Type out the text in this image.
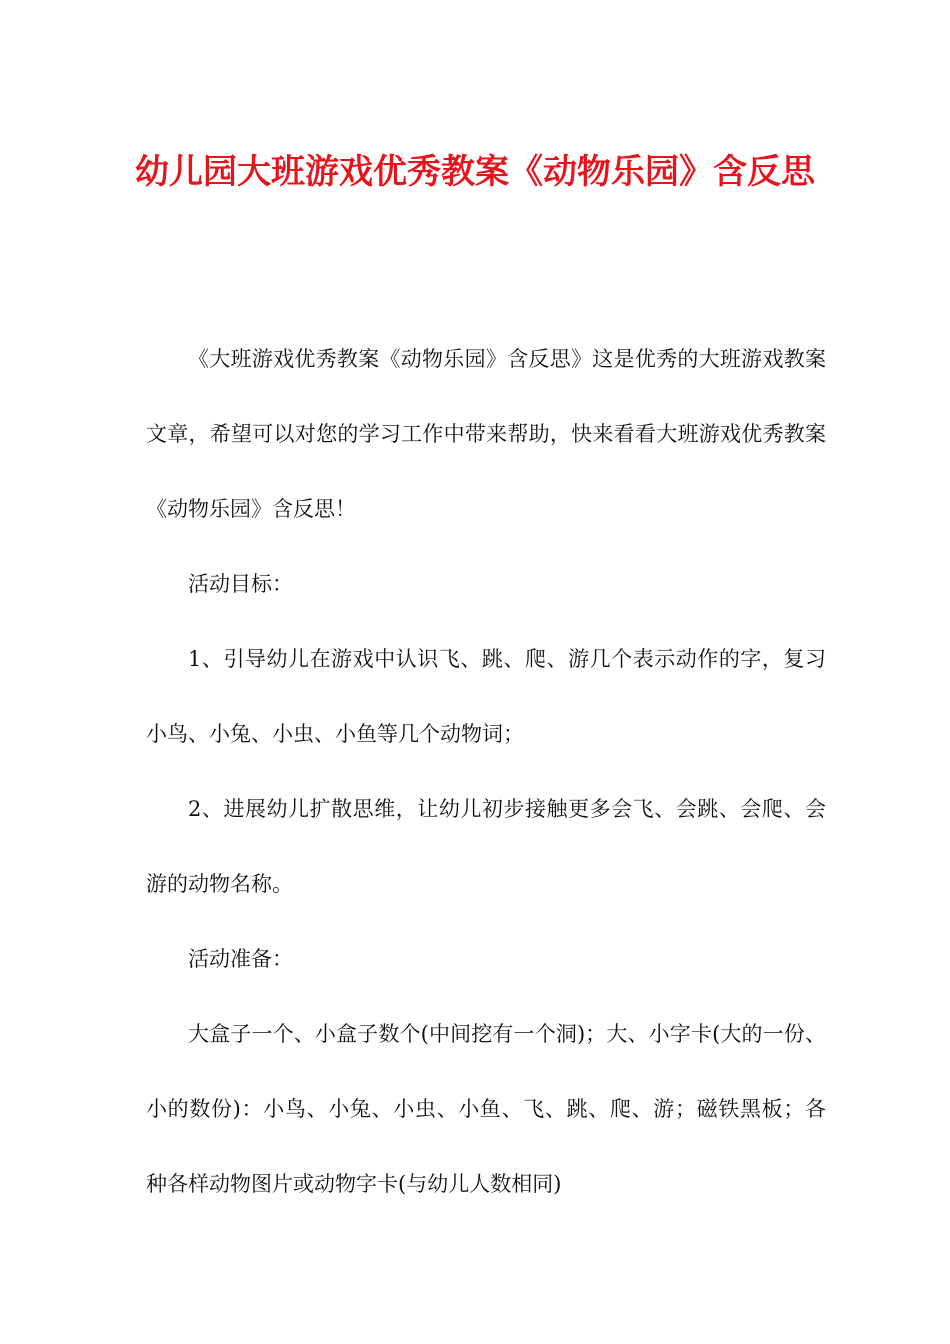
幼儿园大班游戏优秀教案《动物乐园》含反思

《大班游戏优秀教案《动物乐园》含反思》这是优秀的大班游戏教案文章，希望可以对您的学习工作中带来帮助，快来看看大班游戏优秀教案《动物乐园》含反思！

活动目标：

1、引导幼儿在游戏中认识飞、跳、爬、游几个表示动作的字，复习小鸟、小兔、小虫、小鱼等几个动物词；

2、进展幼儿扩散思维，让幼儿初步接触更多会飞、会跳、会爬、会游的动物名称。

活动准备：

大盒子一个、小盒子数个(中间挖有一个洞)；大、小字卡(大的一份、小的数份)：小鸟、小兔、小虫、小鱼、飞、跳、爬、游；磁铁黑板；各种各样动物图片或动物字卡(与幼儿人数相同)
